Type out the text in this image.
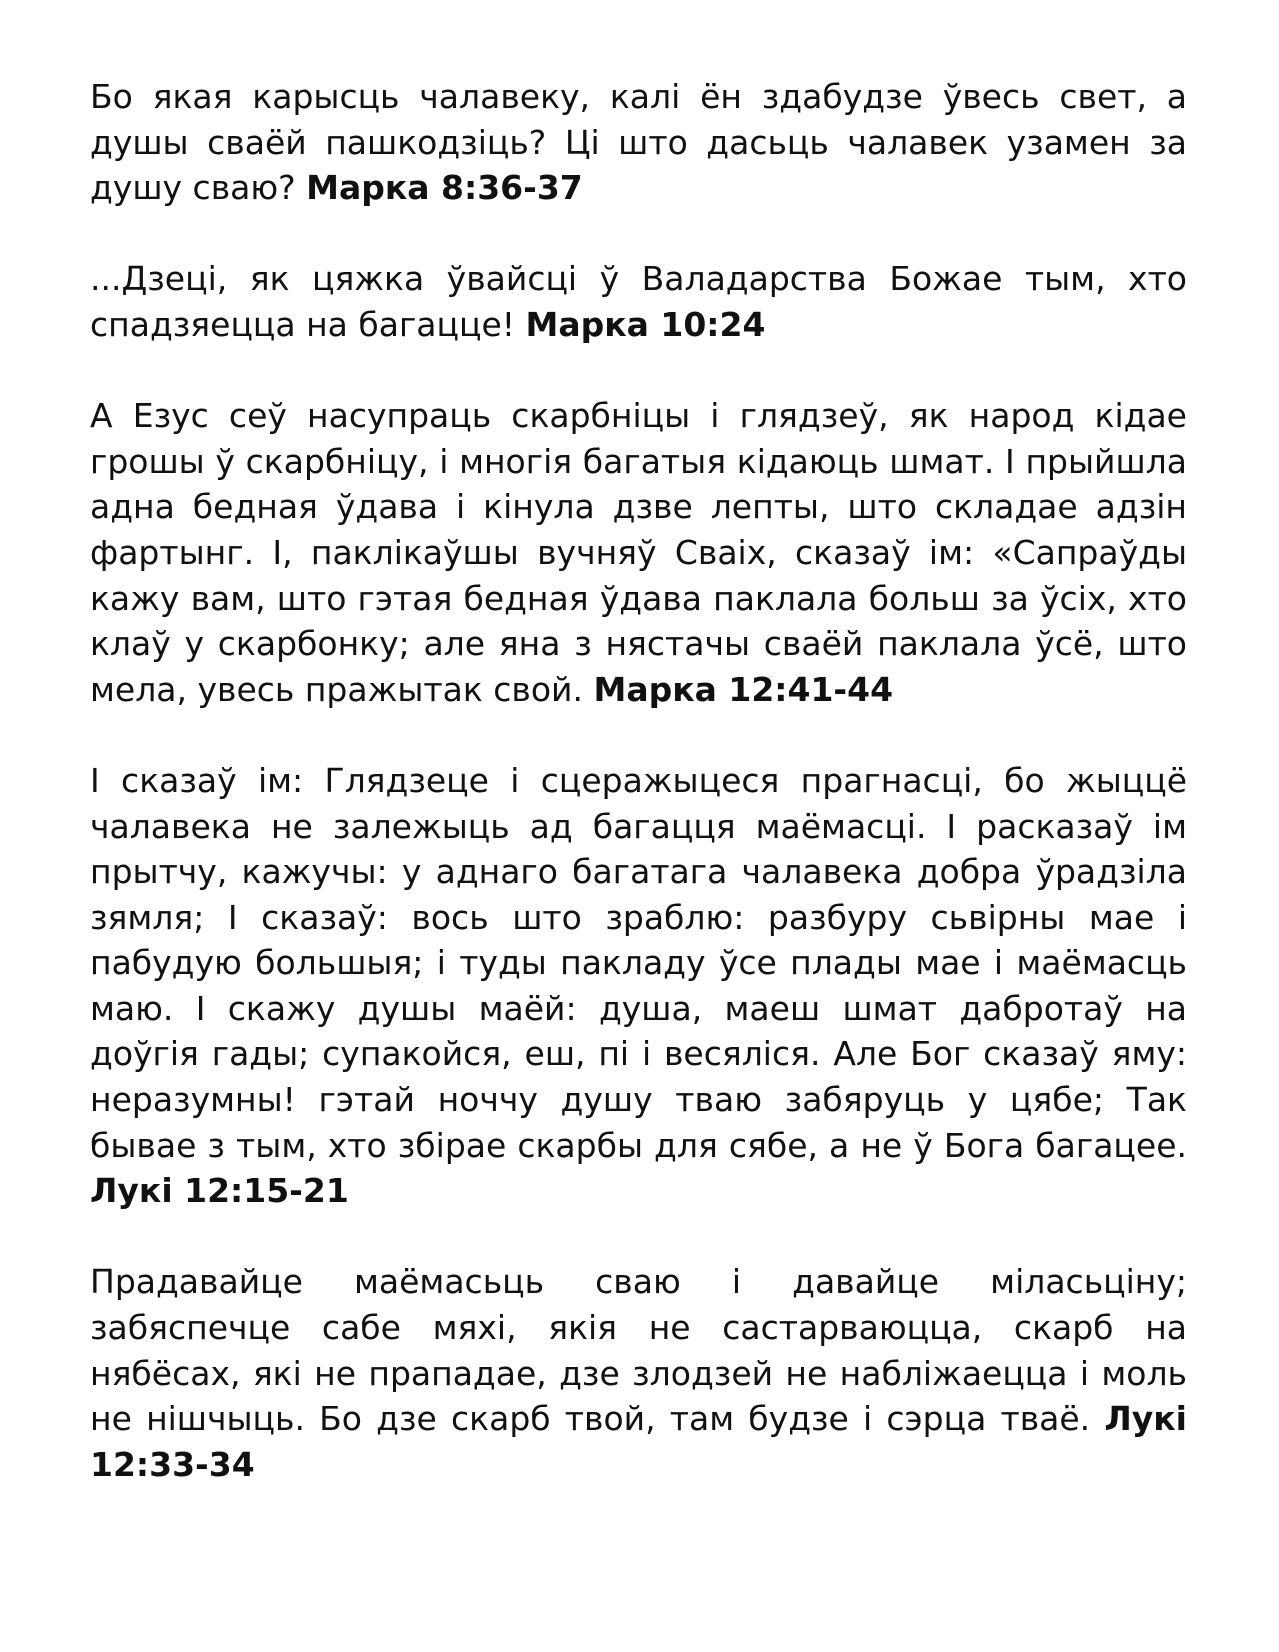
Бо якая карысць чалавеку, калі ён здабудзе ўвесь свет, а душы сваёй пашкодзіць? Ці што дасьць чалавек узамен за душу сваю? Марка 8:36-37

...Дзеці, як цяжка ўвайсці ў Валадарства Божае тым, хто спадзяецца на багацце! Марка 10:24

А Езус сеў насупраць скарбніцы і глядзеў, як народ кідае грошы ў скарбніцу, і многія багатыя кідаюць шмат. І прыйшла адна бедная ўдава і кінула дзве лепты, што складае адзін фартынг. І, паклікаўшы вучняў Сваіх, сказаў ім: «Сапраўды кажу вам, што гэтая бедная ўдава паклала больш за ўсіх, хто клаў у скарбонку; але яна з нястачы сваёй паклала ўсё, што мела, увесь пражытак свой. Марка 12:41-44

І сказаў ім: Глядзеце і сцеражыцеся прагнасці, бо жыццё чалавека не залежыць ад багацця маёмасці. І расказаў ім прытчу, кажучы: у аднаго багатага чалавека добра ўрадзіла зямля; І сказаў: вось што зраблю: разбуру сьвірны мае і пабудую большыя; і туды пакладу ўсе плады мае і маёмасць маю. І скажу душы маёй: душа, маеш шмат дабротаў на доўгія гады; супакойся, еш, пі і весяліся. Але Бог сказаў яму: неразумны! гэтай ноччу душу тваю забяруць у цябе; Так бывае з тым, хто збірае скарбы для сябе, а не ў Бога багацее. Лукі 12:15-21

Прадавайце маёмасьць сваю і давайце міласьціну; забяспечце сабе мяхі, якія не састарваюцца, скарб на нябёсах, які не прападае, дзе злодзей не набліжаецца і моль не нішчыць. Бо дзе скарб твой, там будзе і сэрца тваё. Лукі 12:33-34
